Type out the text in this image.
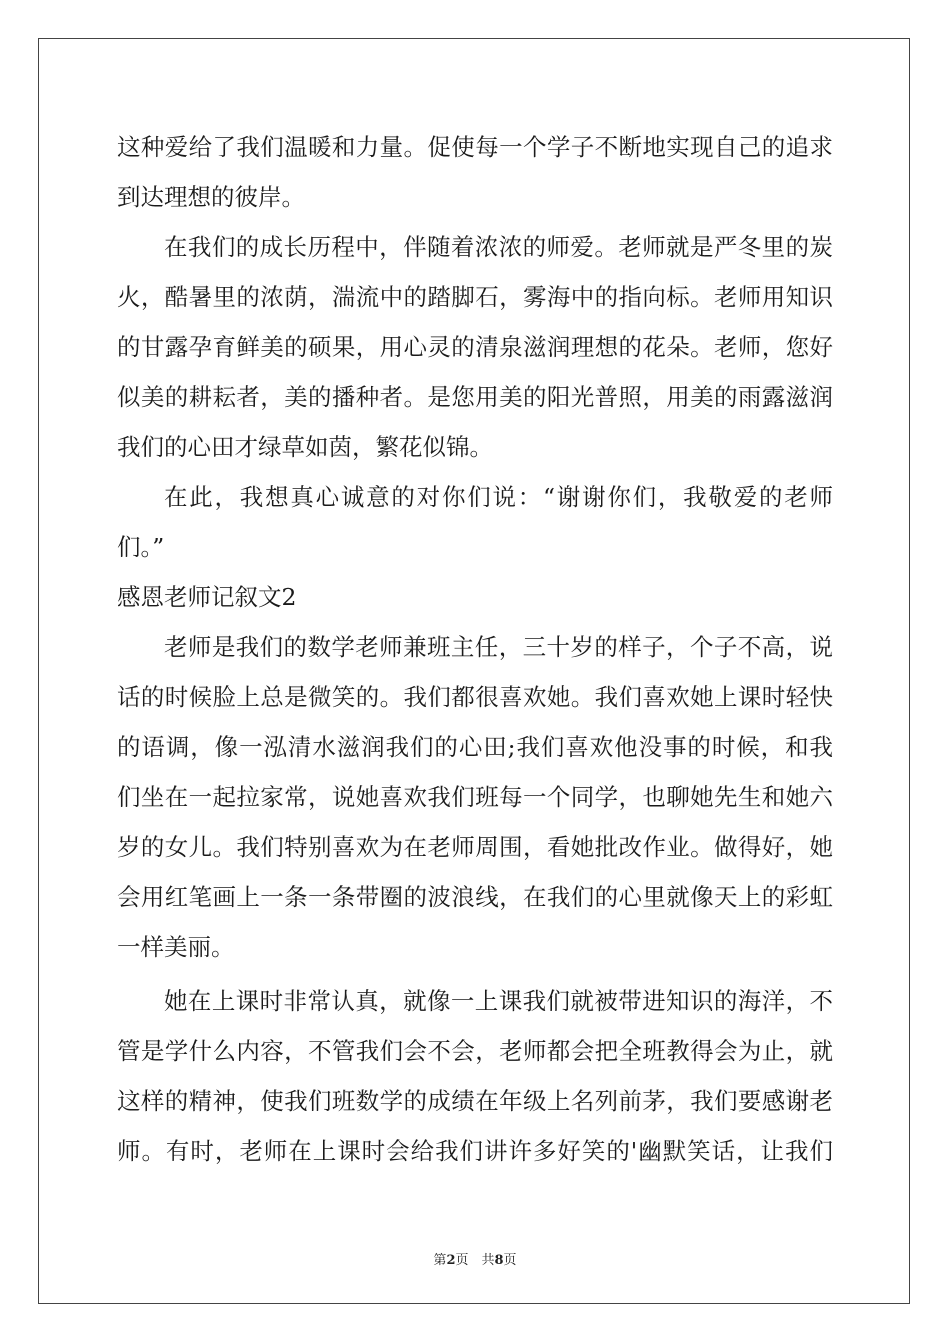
这种爱给了我们温暖和力量。促使每一个学子不断地实现自己的追求
到达理想的彼岸。
在我们的成长历程中，伴随着浓浓的师爱。老师就是严冬里的炭
火，酷暑里的浓荫，湍流中的踏脚石，雾海中的指向标。老师用知识
的甘露孕育鲜美的硕果，用心灵的清泉滋润理想的花朵。老师，您好
似美的耕耘者，美的播种者。是您用美的阳光普照，用美的雨露滋润
我们的心田才绿草如茵，繁花似锦。
在此，我想真心诚意的对你们说：“谢谢你们，我敬爱的老师
们。”
感恩老师记叙文2
老师是我们的数学老师兼班主任，三十岁的样子，个子不高，说
话的时候脸上总是微笑的。我们都很喜欢她。我们喜欢她上课时轻快
的语调，像一泓清水滋润我们的心田;我们喜欢他没事的时候，和我
们坐在一起拉家常，说她喜欢我们班每一个同学，也聊她先生和她六
岁的女儿。我们特别喜欢为在老师周围，看她批改作业。做得好，她
会用红笔画上一条一条带圈的波浪线，在我们的心里就像天上的彩虹
一样美丽。
她在上课时非常认真，就像一上课我们就被带进知识的海洋，不
管是学什么内容，不管我们会不会，老师都会把全班教得会为止，就
这样的精神，使我们班数学的成绩在年级上名列前茅，我们要感谢老
师。有时，老师在上课时会给我们讲许多好笑的'幽默笑话，让我们
第2页　共8页
